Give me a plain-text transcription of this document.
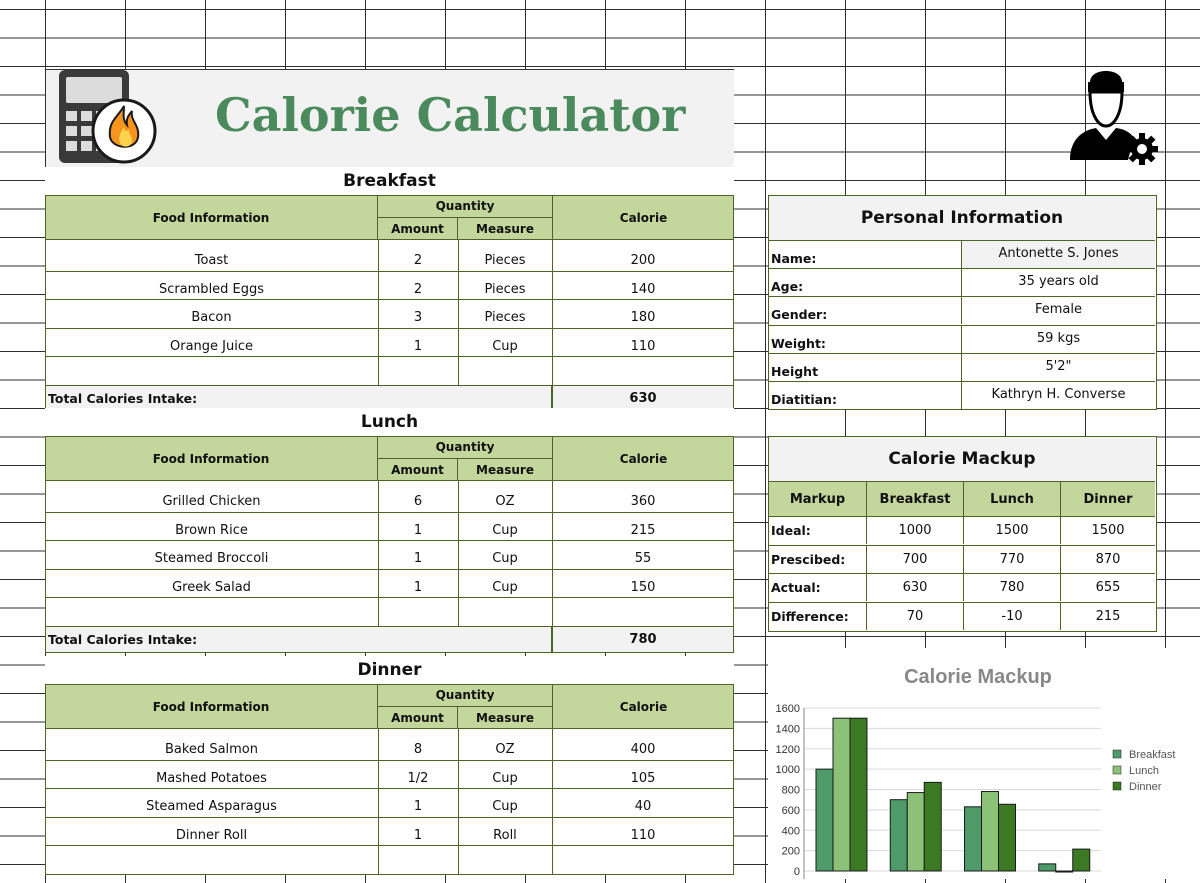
Calorie Calculator
Breakfast
Food Information
Quantity
Amount	Measure
Calorie
Toast	2	Pieces	200
Scrambled Eggs	2	Pieces	140
Bacon	3	Pieces	180
Orange Juice	1	Cup	110
Total Calories Intake:	630
Lunch
Food Information
Quantity
Amount	Measure
Calorie
Grilled Chicken	6	OZ	360
Brown Rice	1	Cup	215
Steamed Broccoli	1	Cup	55
Greek Salad	1	Cup	150
Total Calories Intake:	780
Dinner
Food Information
Quantity
Amount	Measure
Calorie
Baked Salmon	8	OZ	400
Mashed Potatoes	1/2	Cup	105
Steamed Asparagus	1	Cup	40
Dinner Roll	1	Roll	110
Personal Information
Name:	Antonette S. Jones
Age:	35 years old
Gender:	Female
Weight:	59 kgs
Height	5'2"
Diatitian:	Kathryn H. Converse
Calorie Mackup
Markup	Breakfast	Lunch	Dinner
Ideal:	1000	1500	1500
Prescibed:	700	770	870
Actual:	630	780	655
Difference:	70	-10	215
Calorie Mackup
0
200
400
600
800
1000
1200
1400
1600
Breakfast
Lunch
Dinner
